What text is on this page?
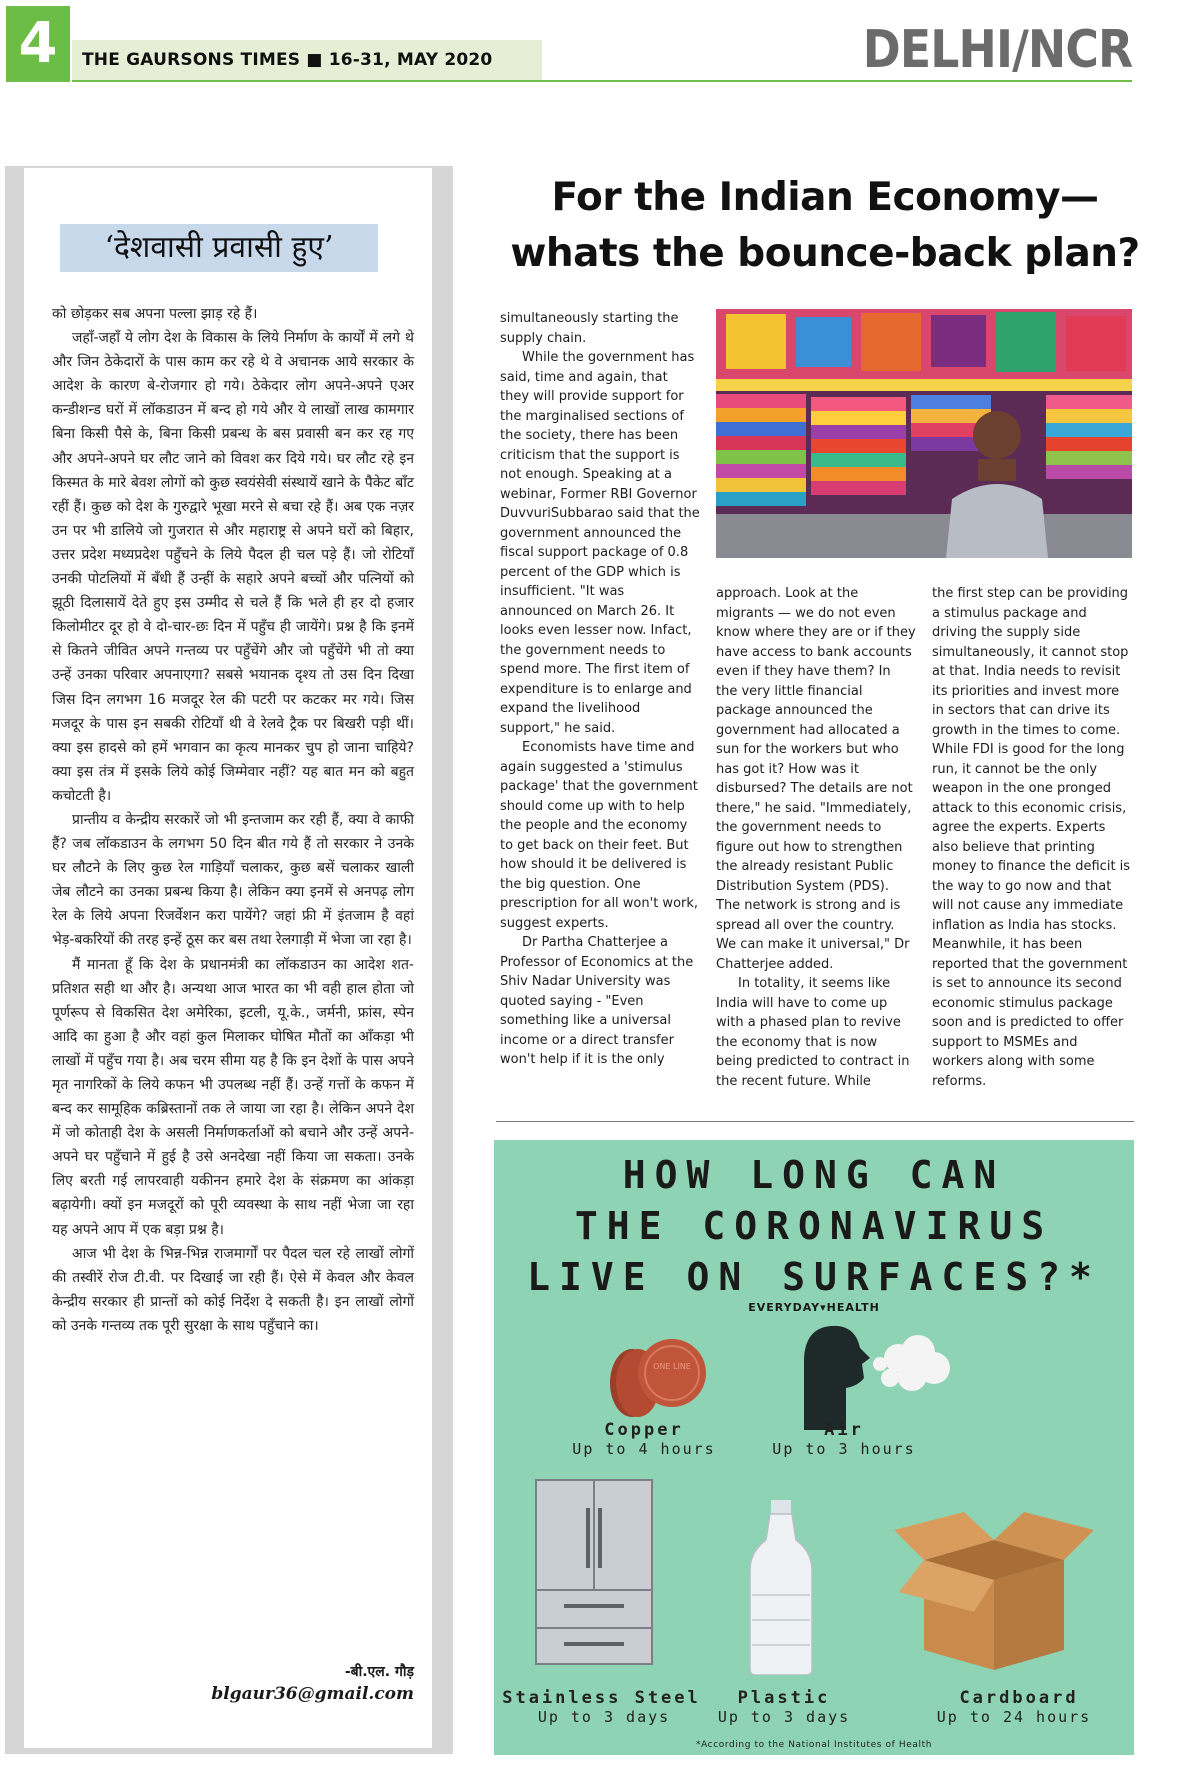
4	THE GAURSONS TIMES ■ 16-31, MAY 2020	DELHI/NCR
‘देशवासी प्रवासी हुए’

को छोड़कर सब अपना पल्ला झाड़ रहे हैं।

जहाँ-जहाँ ये लोग देश के विकास के लिये निर्माण के कार्यों में लगे थे और जिन ठेकेदारों के पास काम कर रहे थे वे अचानक आये सरकार के आदेश के कारण बे-रोजगार हो गये। ठेकेदार लोग अपने-अपने एअर कन्डीशन्ड घरों में लॉकडाउन में बन्द हो गये और ये लाखों लाख कामगार बिना किसी पैसे के, बिना किसी प्रबन्ध के बस प्रवासी बन कर रह गए और अपने-अपने घर लौट जाने को विवश कर दिये गये। घर लौट रहे इन किस्मत के मारे बेवश लोगों को कुछ स्वयंसेवी संस्थायें खाने के पैकेट बाँट रहीं हैं। कुछ को देश के गुरुद्वारे भूखा मरने से बचा रहे हैं। अब एक नज़र उन पर भी डालिये जो गुजरात से और महाराष्ट्र से अपने घरों को बिहार, उत्तर प्रदेश मध्यप्रदेश पहुँचने के लिये पैदल ही चल पड़े हैं। जो रोटियाँ उनकी पोटलियों में बँधी हैं उन्हीं के सहारे अपने बच्चों और पत्नियों को झूठी दिलासायें देते हुए इस उम्मीद से चले हैं कि भले ही हर दो हजार किलोमीटर दूर हो वे दो-चार-छः दिन में पहुँच ही जायेंगे। प्रश्न है कि इनमें से कितने जीवित अपने गन्तव्य पर पहुँचेंगे और जो पहुँचेंगे भी तो क्या उन्हें उनका परिवार अपनाएगा? सबसे भयानक दृश्य तो उस दिन दिखा जिस दिन लगभग 16 मजदूर रेल की पटरी पर कटकर मर गये। जिस मजदूर के पास इन सबकी रोटियाँ थी वे रेलवे ट्रैक पर बिखरी पड़ी थीं। क्या इस हादसे को हमें भगवान का कृत्य मानकर चुप हो जाना चाहिये? क्या इस तंत्र में इसके लिये कोई जिम्मेवार नहीं? यह बात मन को बहुत कचोटती है।

प्रान्तीय व केन्द्रीय सरकारें जो भी इन्तजाम कर रही हैं, क्या वे काफी हैं? जब लॉकडाउन के लगभग 50 दिन बीत गये हैं तो सरकार ने उनके घर लौटने के लिए कुछ रेल गाड़ियाँ चलाकर, कुछ बसें चलाकर खाली जेब लौटने का उनका प्रबन्ध किया है। लेकिन क्या इनमें से अनपढ़ लोग रेल के लिये अपना रिजर्वेशन करा पायेंगे? जहां फ्री में इंतजाम है वहां भेड़-बकरियों की तरह इन्हें ठूस कर बस तथा रेलगाड़ी में भेजा जा रहा है।

मैं मानता हूँ कि देश के प्रधानमंत्री का लॉकडाउन का आदेश शत-प्रतिशत सही था और है। अन्यथा आज भारत का भी वही हाल होता जो पूर्णरूप से विकसित देश अमेरिका, इटली, यू.के., जर्मनी, फ्रांस, स्पेन आदि का हुआ है और वहां कुल मिलाकर घोषित मौतों का आँकड़ा भी लाखों में पहुँच गया है। अब चरम सीमा यह है कि इन देशों के पास अपने मृत नागरिकों के लिये कफन भी उपलब्ध नहीं हैं। उन्हें गत्तों के कफन में बन्द कर सामूहिक कब्रिस्तानों तक ले जाया जा रहा है। लेकिन अपने देश में जो कोताही देश के असली निर्माणकर्ताओं को बचाने और उन्हें अपने-अपने घर पहुँचाने में हुई है उसे अनदेखा नहीं किया जा सकता। उनके लिए बरती गई लापरवाही यकीनन हमारे देश के संक्रमण का आंकड़ा बढ़ायेगी। क्यों इन मजदूरों को पूरी व्यवस्था के साथ नहीं भेजा जा रहा यह अपने आप में एक बड़ा प्रश्न है।

आज भी देश के भिन्न-भिन्न राजमार्गों पर पैदल चल रहे लाखों लोगों की तस्वीरें रोज टी.वी. पर दिखाई जा रही हैं। ऐसे में केवल और केवल केन्द्रीय सरकार ही प्रान्तों को कोई निर्देश दे सकती है। इन लाखों लोगों को उनके गन्तव्य तक पूरी सुरक्षा के साथ पहुँचाने का।

-बी.एल. गौड़
blgaur36@gmail.com
For the Indian Economy—
whats the bounce-back plan?

simultaneously starting the supply chain.

While the government has said, time and again, that they will provide support for the marginalised sections of the society, there has been criticism that the support is not enough. Speaking at a webinar, Former RBI Governor DuvvuriSubbarao said that the government announced the fiscal support package of 0.8 percent of the GDP which is insufficient. "It was announced on March 26. It looks even lesser now. Infact, the government needs to spend more. The first item of expenditure is to enlarge and expand the livelihood support," he said.

Economists have time and again suggested a 'stimulus package' that the government should come up with to help the people and the economy to get back on their feet. But how should it be delivered is the big question. One prescription for all won't work, suggest experts.

Dr Partha Chatterjee a Professor of Economics at the Shiv Nadar University was quoted saying - "Even something like a universal income or a direct transfer won't help if it is the only

approach. Look at the migrants — we do not even know where they are or if they have access to bank accounts even if they have them? In the very little financial package announced the government had allocated a sun for the workers but who has got it? How was it disbursed? The details are not there," he said. "Immediately, the government needs to figure out how to strengthen the already resistant Public Distribution System (PDS). The network is strong and is spread all over the country. We can make it universal," Dr Chatterjee added.

In totality, it seems like India will have to come up with a phased plan to revive the economy that is now being predicted to contract in the recent future. While

the first step can be providing a stimulus package and driving the supply side simultaneously, it cannot stop at that. India needs to revisit its priorities and invest more in sectors that can drive its growth in the times to come. While FDI is good for the long run, it cannot be the only weapon in the one pronged attack to this economic crisis, agree the experts. Experts also believe that printing money to finance the deficit is the way to go now and that will not cause any immediate inflation as India has stocks. Meanwhile, it has been reported that the government is set to announce its second economic stimulus package soon and is predicted to offer support to MSMEs and workers along with some reforms.

HOW LONG CAN
THE CORONAVIRUS
LIVE ON SURFACES?*
EVERYDAY▾HEALTH
ONE LINE
Copper
Up to 4 hours
Air
Up to 3 hours
Stainless Steel
Up to 3 days
Plastic
Up to 3 days
Cardboard
Up to 24 hours
*According to the National Institutes of Health
